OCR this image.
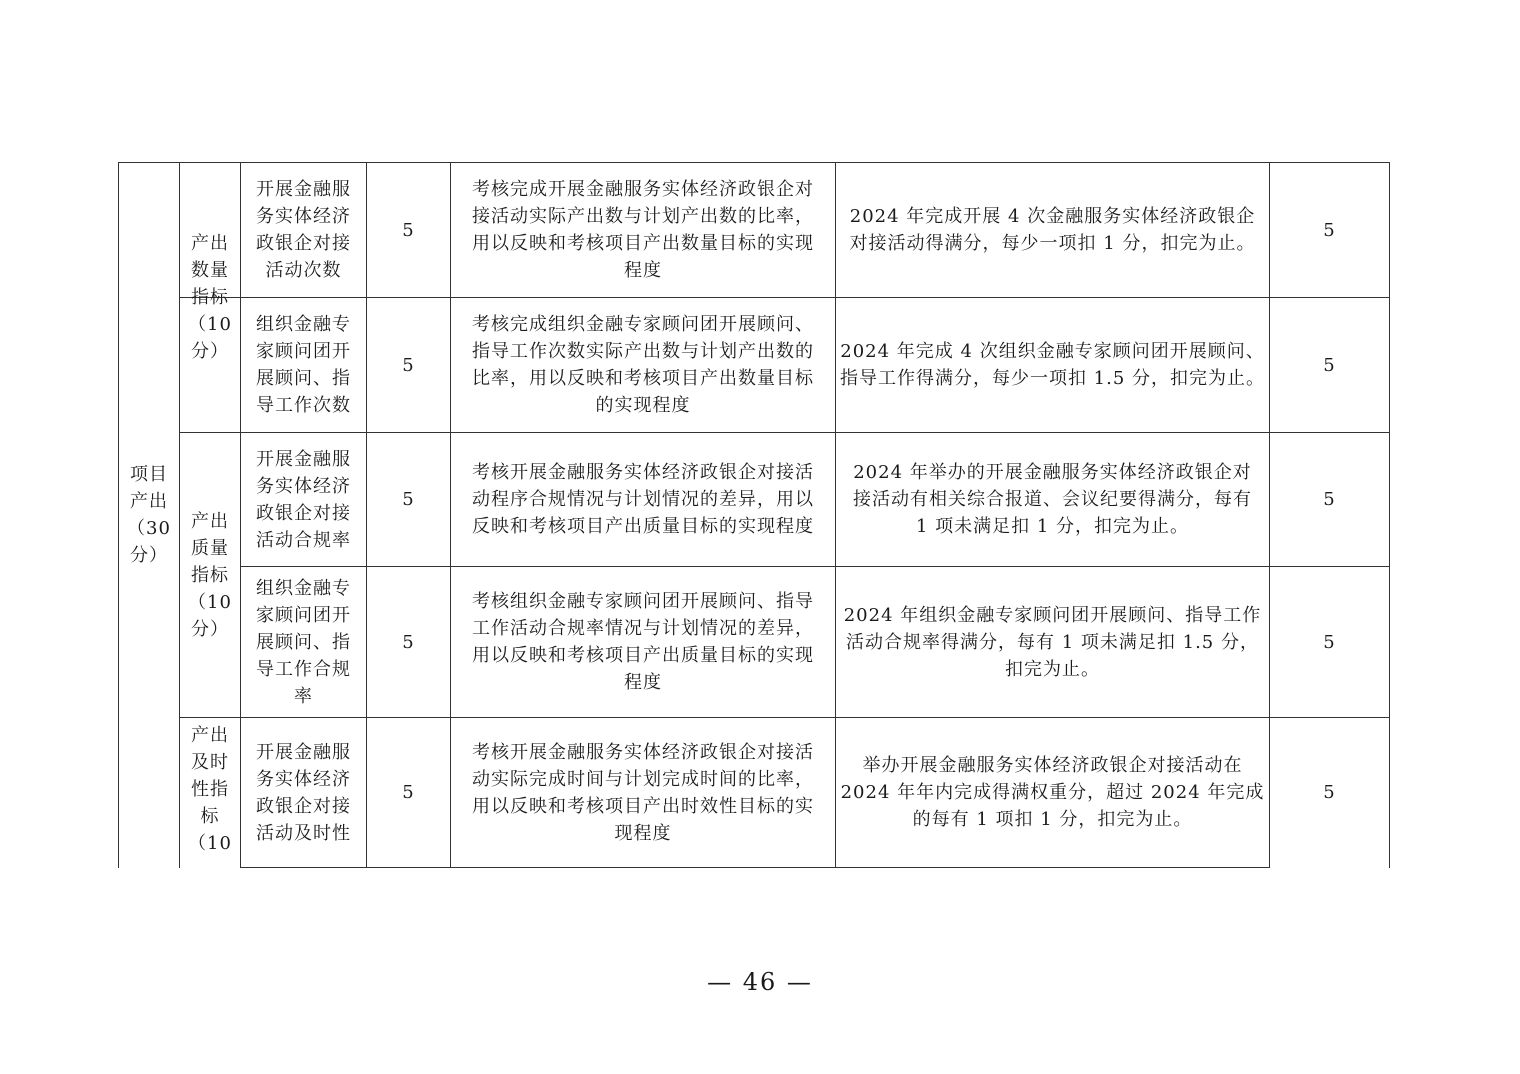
项目
产出
（30
分）
产出
数量
指标
（10
分）
产出
质量
指标
（10
分）
产出
及时
性指
标
（10
开展金融服
务实体经济
政银企对接
活动次数
5
考核完成开展金融服务实体经济政银企对
接活动实际产出数与计划产出数的比率，
用以反映和考核项目产出数量目标的实现
程度
2024 年完成开展 4 次金融服务实体经济政银企
对接活动得满分，每少一项扣 1 分，扣完为止。
5
组织金融专
家顾问团开
展顾问、指
导工作次数
5
考核完成组织金融专家顾问团开展顾问、
指导工作次数实际产出数与计划产出数的
比率，用以反映和考核项目产出数量目标
的实现程度
2024 年完成 4 次组织金融专家顾问团开展顾问、
指导工作得满分，每少一项扣 1.5 分，扣完为止。
5
开展金融服
务实体经济
政银企对接
活动合规率
5
考核开展金融服务实体经济政银企对接活
动程序合规情况与计划情况的差异，用以
反映和考核项目产出质量目标的实现程度
2024 年举办的开展金融服务实体经济政银企对
接活动有相关综合报道、会议纪要得满分，每有
1 项未满足扣 1 分，扣完为止。
5
组织金融专
家顾问团开
展顾问、指
导工作合规
率
5
考核组织金融专家顾问团开展顾问、指导
工作活动合规率情况与计划情况的差异，
用以反映和考核项目产出质量目标的实现
程度
2024 年组织金融专家顾问团开展顾问、指导工作
活动合规率得满分，每有 1 项未满足扣 1.5 分，
扣完为止。
5
开展金融服
务实体经济
政银企对接
活动及时性
5
考核开展金融服务实体经济政银企对接活
动实际完成时间与计划完成时间的比率，
用以反映和考核项目产出时效性目标的实
现程度
举办开展金融服务实体经济政银企对接活动在
2024 年年内完成得满权重分，超过 2024 年完成
的每有 1 项扣 1 分，扣完为止。
5
— 46 —
